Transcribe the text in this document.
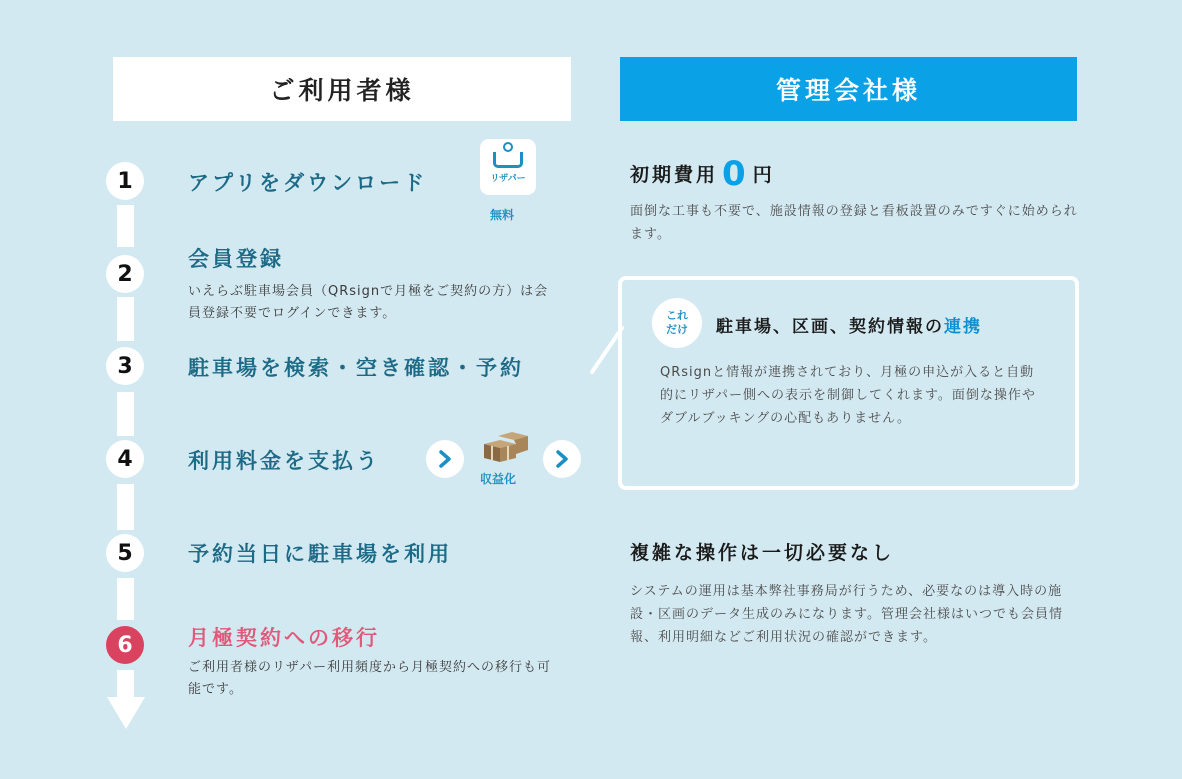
ご利用者様	管理会社様
1
2
3
4
5
6
アプリをダウンロード
会員登録
いえらぶ駐車場会員（QRsignで月極をご契約の方）は会員登録不要でログインできます。
駐車場を検索・空き確認・予約
利用料金を支払う
予約当日に駐車場を利用
月極契約への移行
ご利用者様のリザパー利用頻度から月極契約への移行も可能です。
リザパー
無料
収益化
初期費用 0 円
面倒な工事も不要で、施設情報の登録と看板設置のみですぐに始められます。
これ
だけ 駐車場、区画、契約情報の連携
QRsignと情報が連携されており、月極の申込が入ると自動的にリザパー側への表示を制御してくれます。面倒な操作やダブルブッキングの心配もありません。
複雑な操作は一切必要なし
システムの運用は基本弊社事務局が行うため、必要なのは導入時の施設・区画のデータ生成のみになります。管理会社様はいつでも会員情報、利用明細などご利用状況の確認ができます。
